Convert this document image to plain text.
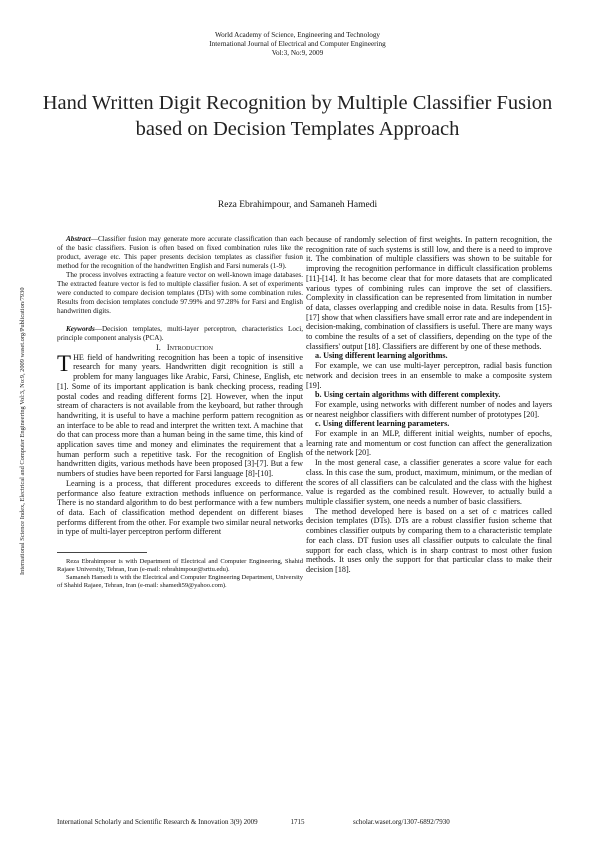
World Academy of Science, Engineering and Technology
International Journal of Electrical and Computer Engineering
Vol:3, No:9, 2009
Hand Written Digit Recognition by Multiple Classifier Fusion based on Decision Templates Approach
Reza Ebrahimpour, and Samaneh Hamedi
International Science Index, Electrical and Computer Engineering Vol:3, No:9, 2009 waset.org/Publication/7930

Abstract—Classifier fusion may generate more accurate classification than each of the basic classifiers. Fusion is often based on fixed combination rules like the product, average etc. This paper presents decision templates as classifier fusion method for the recognition of the handwritten English and Farsi numerals (1-9).

The process involves extracting a feature vector on well-known image databases. The extracted feature vector is fed to multiple classifier fusion. A set of experiments were conducted to compare decision templates (DTs) with some combination rules. Results from decision templates conclude 97.99% and 97.28% for Farsi and English handwritten digits.

Keywords—Decision templates, multi-layer perceptron, characteristics Loci, principle component analysis (PCA).

I. Introduction

THE field of handwriting recognition has been a topic of insensitive research for many years. Handwritten digit recognition is still a problem for many languages like Arabic, Farsi, Chinese, English, etc [1]. Some of its important application is bank checking process, reading postal codes and reading different forms [2]. However, when the input stream of characters is not available from the keyboard, but rather through handwriting, it is useful to have a machine perform pattern recognition as an interface to be able to read and interpret the written text. A machine that do that can process more than a human being in the same time, this kind of application saves time and money and eliminates the requirement that a human perform such a repetitive task. For the recognition of English handwritten digits, various methods have been proposed [3]-[7]. But a few numbers of studies have been reported for Farsi language [8]-[10].

Learning is a process, that different procedures exceeds to different performance also feature extraction methods influence on performance. There is no standard algorithm to do best performance with a few numbers of data. Each of classification method dependent on different biases performs different from the other. For example two similar neural networks in type of multi-layer perceptron perform different

Reza Ebrahimpour is with Department of Electrical and Computer Engineering, Shahid Rajaee University, Tehran, Iran (e-mail: rebrahimpour@srttu.edu).

Samaneh Hamedi is with the Electrical and Computer Engineering Department, University of Shahid Rajaee, Tehran, Iran (e-mail: shamedi59@yahoo.com).

because of randomly selection of first weights. In pattern recognition, the recognition rate of such systems is still low, and there is a need to improve it. The combination of multiple classifiers was shown to be suitable for improving the recognition performance in difficult classification problems [11]-[14]. It has become clear that for more datasets that are complicated various types of combining rules can improve the set of classifiers. Complexity in classification can be represented from limitation in number of data, classes overlapping and credible noise in data. Results from [15]-[17] show that when classifiers have small error rate and are independent in decision-making, combination of classifiers is useful. There are many ways to combine the results of a set of classifiers, depending on the type of the classifiers' output [18]. Classifiers are different by one of these methods.

a. Using different learning algorithms.

For example, we can use multi-layer perceptron, radial basis function network and decision trees in an ensemble to make a composite system [19].

b. Using certain algorithms with different complexity.

For example, using networks with different number of nodes and layers or nearest neighbor classifiers with different number of prototypes [20].

c. Using different learning parameters.

For example in an MLP, different initial weights, number of epochs, learning rate and momentum or cost function can affect the generalization of the network [20].

In the most general case, a classifier generates a score value for each class. In this case the sum, product, maximum, minimum, or the median of the scores of all classifiers can be calculated and the class with the highest value is regarded as the combined result. However, to actually build a multiple classifier system, one needs a number of basic classifiers.

The method developed here is based on a set of c matrices called decision templates (DTs). DTs are a robust classifier fusion scheme that combines classifier outputs by comparing them to a characteristic template for each class. DT fusion uses all classifier outputs to calculate the final support for each class, which is in sharp contrast to most other fusion methods. It uses only the support for that particular class to make their decision [18].

International Scholarly and Scientific Research & Innovation 3(9) 2009	1715	scholar.waset.org/1307-6892/7930
